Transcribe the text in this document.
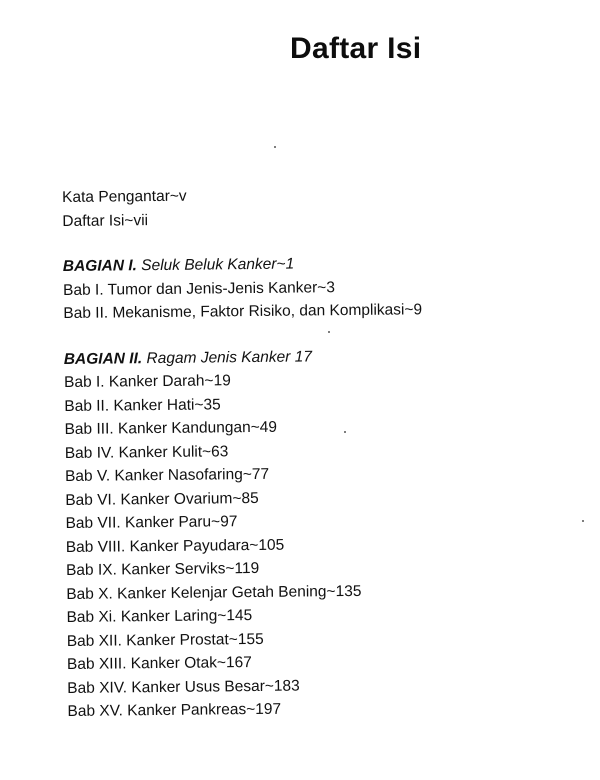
Daftar Isi
Kata Pengantar~v
Daftar Isi~vii
BAGIAN I. Seluk Beluk Kanker~1
Bab I. Tumor dan Jenis-Jenis Kanker~3
Bab II. Mekanisme, Faktor Risiko, dan Komplikasi~9
BAGIAN II. Ragam Jenis Kanker 17
Bab I. Kanker Darah~19
Bab II. Kanker Hati~35
Bab III. Kanker Kandungan~49
Bab IV. Kanker Kulit~63
Bab V. Kanker Nasofaring~77
Bab VI. Kanker Ovarium~85
Bab VII. Kanker Paru~97
Bab VIII. Kanker Payudara~105
Bab IX. Kanker Serviks~119
Bab X. Kanker Kelenjar Getah Bening~135
Bab Xi. Kanker Laring~145
Bab XII. Kanker Prostat~155
Bab XIII. Kanker Otak~167
Bab XIV. Kanker Usus Besar~183
Bab XV. Kanker Pankreas~197
